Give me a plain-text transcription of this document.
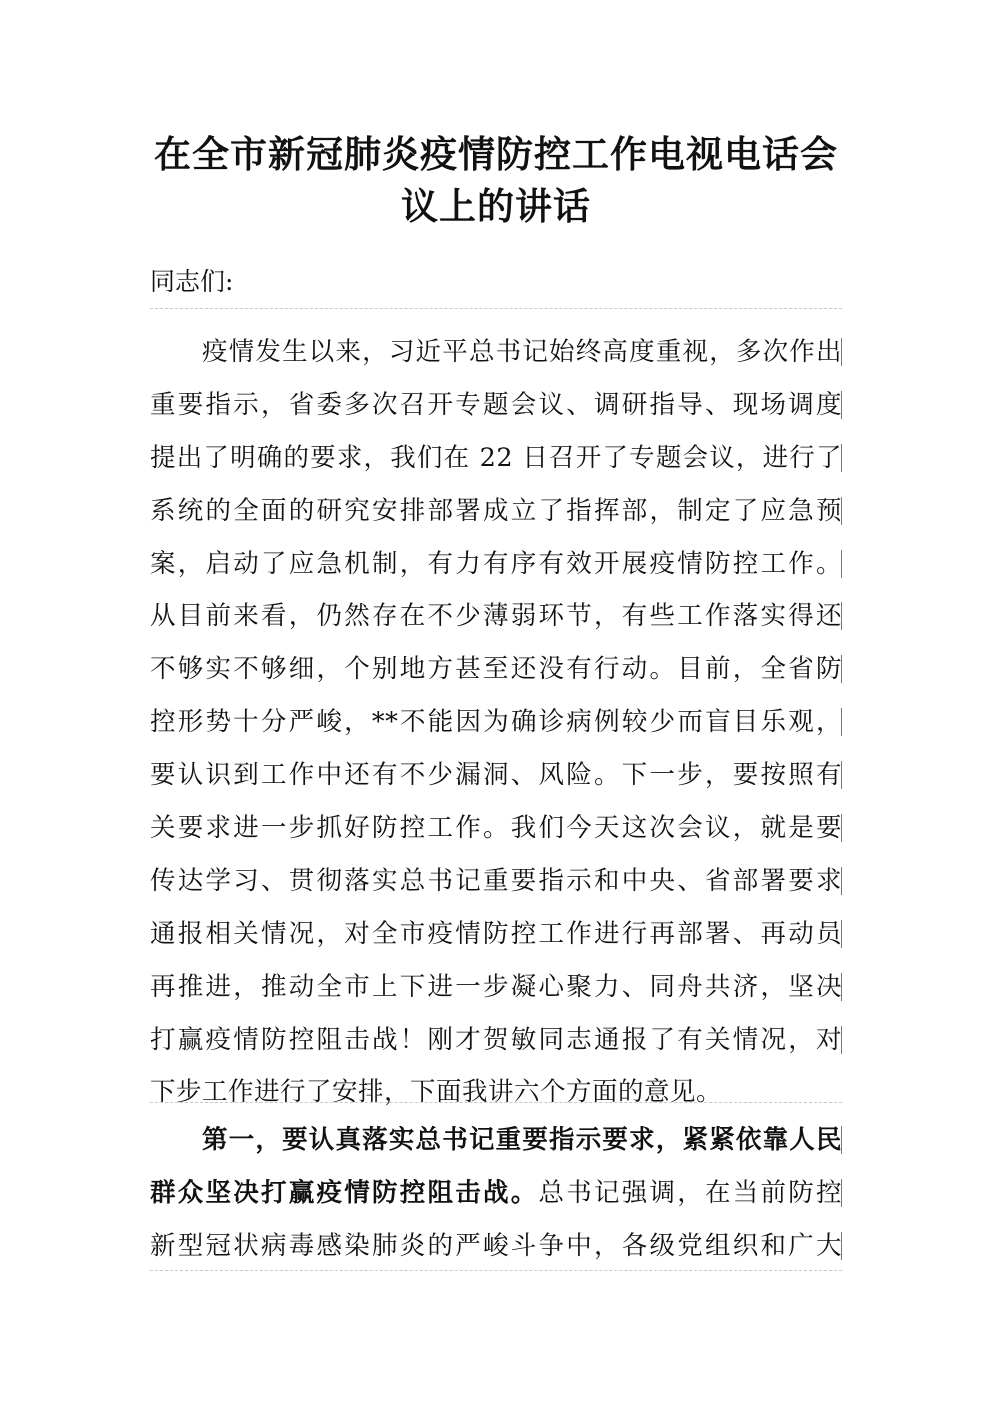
在全市新冠肺炎疫情防控工作电视电话会
议上的讲话

同志们:

疫情发生以来，习近平总书记始终高度重视，多次作出
重要指示，省委多次召开专题会议、调研指导、现场调度
提出了明确的要求，我们在 22 日召开了专题会议，进行了
系统的全面的研究安排部署成立了指挥部，制定了应急预
案，启动了应急机制，有力有序有效开展疫情防控工作。
从目前来看，仍然存在不少薄弱环节，有些工作落实得还
不够实不够细，个别地方甚至还没有行动。目前，全省防
控形势十分严峻，**不能因为确诊病例较少而盲目乐观，
要认识到工作中还有不少漏洞、风险。下一步，要按照有
关要求进一步抓好防控工作。我们今天这次会议，就是要
传达学习、贯彻落实总书记重要指示和中央、省部署要求
通报相关情况，对全市疫情防控工作进行再部署、再动员
再推进，推动全市上下进一步凝心聚力、同舟共济，坚决
打赢疫情防控阻击战！刚才贺敏同志通报了有关情况，对
下步工作进行了安排，下面我讲六个方面的意见。
第一，要认真落实总书记重要指示要求，紧紧依靠人民
群众坚决打赢疫情防控阻击战。总书记强调，在当前防控
新型冠状病毒感染肺炎的严峻斗争中，各级党组织和广大
